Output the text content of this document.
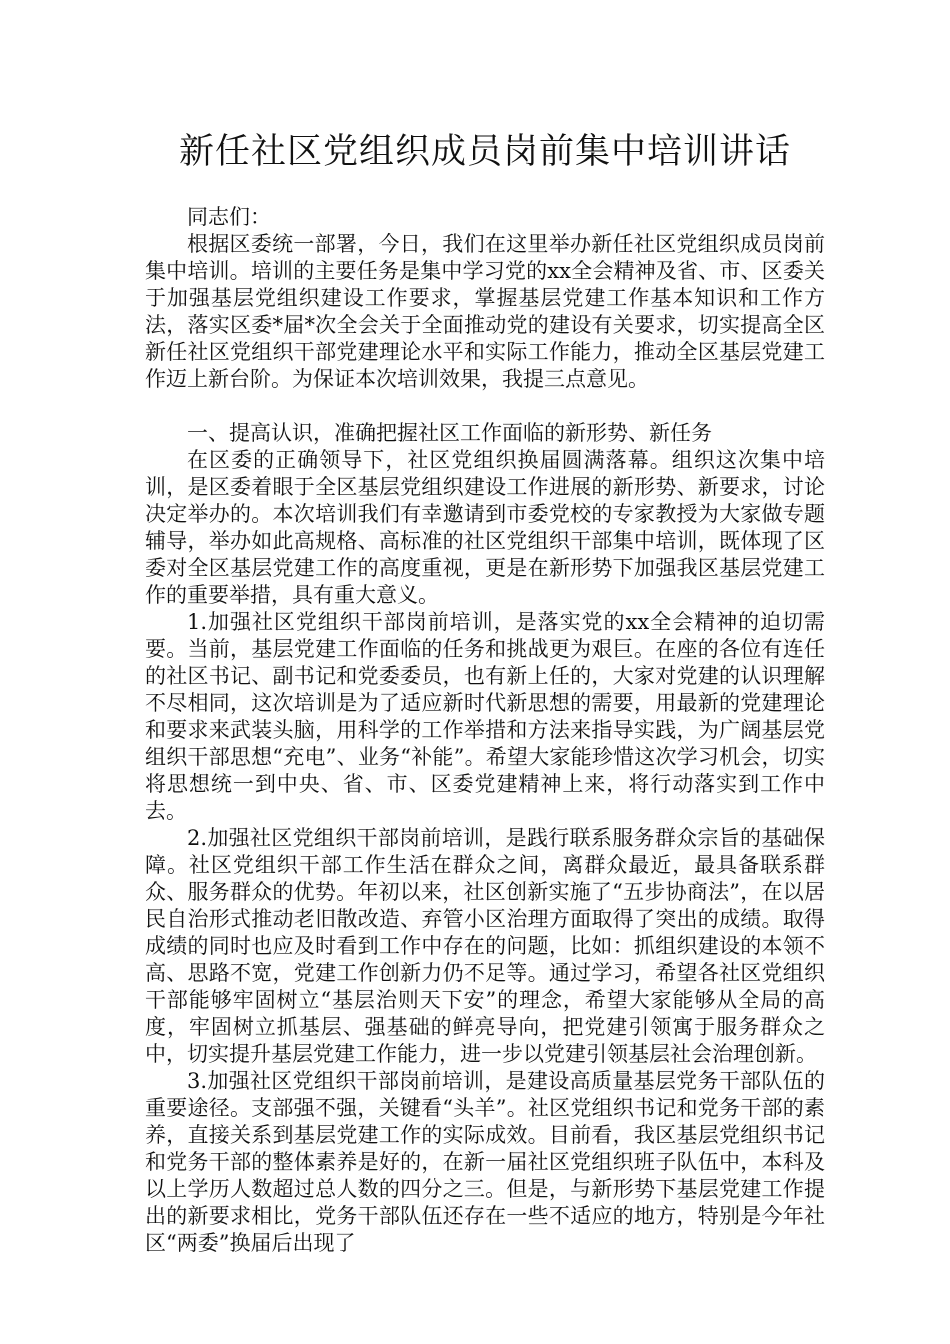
新任社区党组织成员岗前集中培训讲话

同志们：

根据区委统一部署，今日，我们在这里举办新任社区党组织成员岗前集中培训。培训的主要任务是集中学习党的xx全会精神及省、市、区委关于加强基层党组织建设工作要求，掌握基层党建工作基本知识和工作方法，落实区委*届*次全会关于全面推动党的建设有关要求，切实提高全区新任社区党组织干部党建理论水平和实际工作能力，推动全区基层党建工作迈上新台阶。为保证本次培训效果，我提三点意见。

一、提高认识，准确把握社区工作面临的新形势、新任务

在区委的正确领导下，社区党组织换届圆满落幕。组织这次集中培训，是区委着眼于全区基层党组织建设工作进展的新形势、新要求，讨论决定举办的。本次培训我们有幸邀请到市委党校的专家教授为大家做专题辅导，举办如此高规格、高标准的社区党组织干部集中培训，既体现了区委对全区基层党建工作的高度重视，更是在新形势下加强我区基层党建工作的重要举措，具有重大意义。

1.加强社区党组织干部岗前培训，是落实党的xx全会精神的迫切需要。当前，基层党建工作面临的任务和挑战更为艰巨。在座的各位有连任的社区书记、副书记和党委委员，也有新上任的，大家对党建的认识理解不尽相同，这次培训是为了适应新时代新思想的需要，用最新的党建理论和要求来武装头脑，用科学的工作举措和方法来指导实践，为广阔基层党组织干部思想“充电”、业务“补能”。希望大家能珍惜这次学习机会，切实将思想统一到中央、省、市、区委党建精神上来，将行动落实到工作中去。

2.加强社区党组织干部岗前培训，是践行联系服务群众宗旨的基础保障。社区党组织干部工作生活在群众之间，离群众最近，最具备联系群众、服务群众的优势。年初以来，社区创新实施了“五步协商法”，在以居民自治形式推动老旧散改造、弃管小区治理方面取得了突出的成绩。取得成绩的同时也应及时看到工作中存在的问题，比如：抓组织建设的本领不高、思路不宽，党建工作创新力仍不足等。通过学习，希望各社区党组织干部能够牢固树立“基层治则天下安”的理念，希望大家能够从全局的高度，牢固树立抓基层、强基础的鲜亮导向，把党建引领寓于服务群众之中，切实提升基层党建工作能力，进一步以党建引领基层社会治理创新。

3.加强社区党组织干部岗前培训，是建设高质量基层党务干部队伍的重要途径。支部强不强，关键看“头羊”。社区党组织书记和党务干部的素养，直接关系到基层党建工作的实际成效。目前看，我区基层党组织书记和党务干部的整体素养是好的，在新一届社区党组织班子队伍中，本科及以上学历人数超过总人数的四分之三。但是，与新形势下基层党建工作提出的新要求相比，党务干部队伍还存在一些不适应的地方，特别是今年社区“两委”换届后出现了
